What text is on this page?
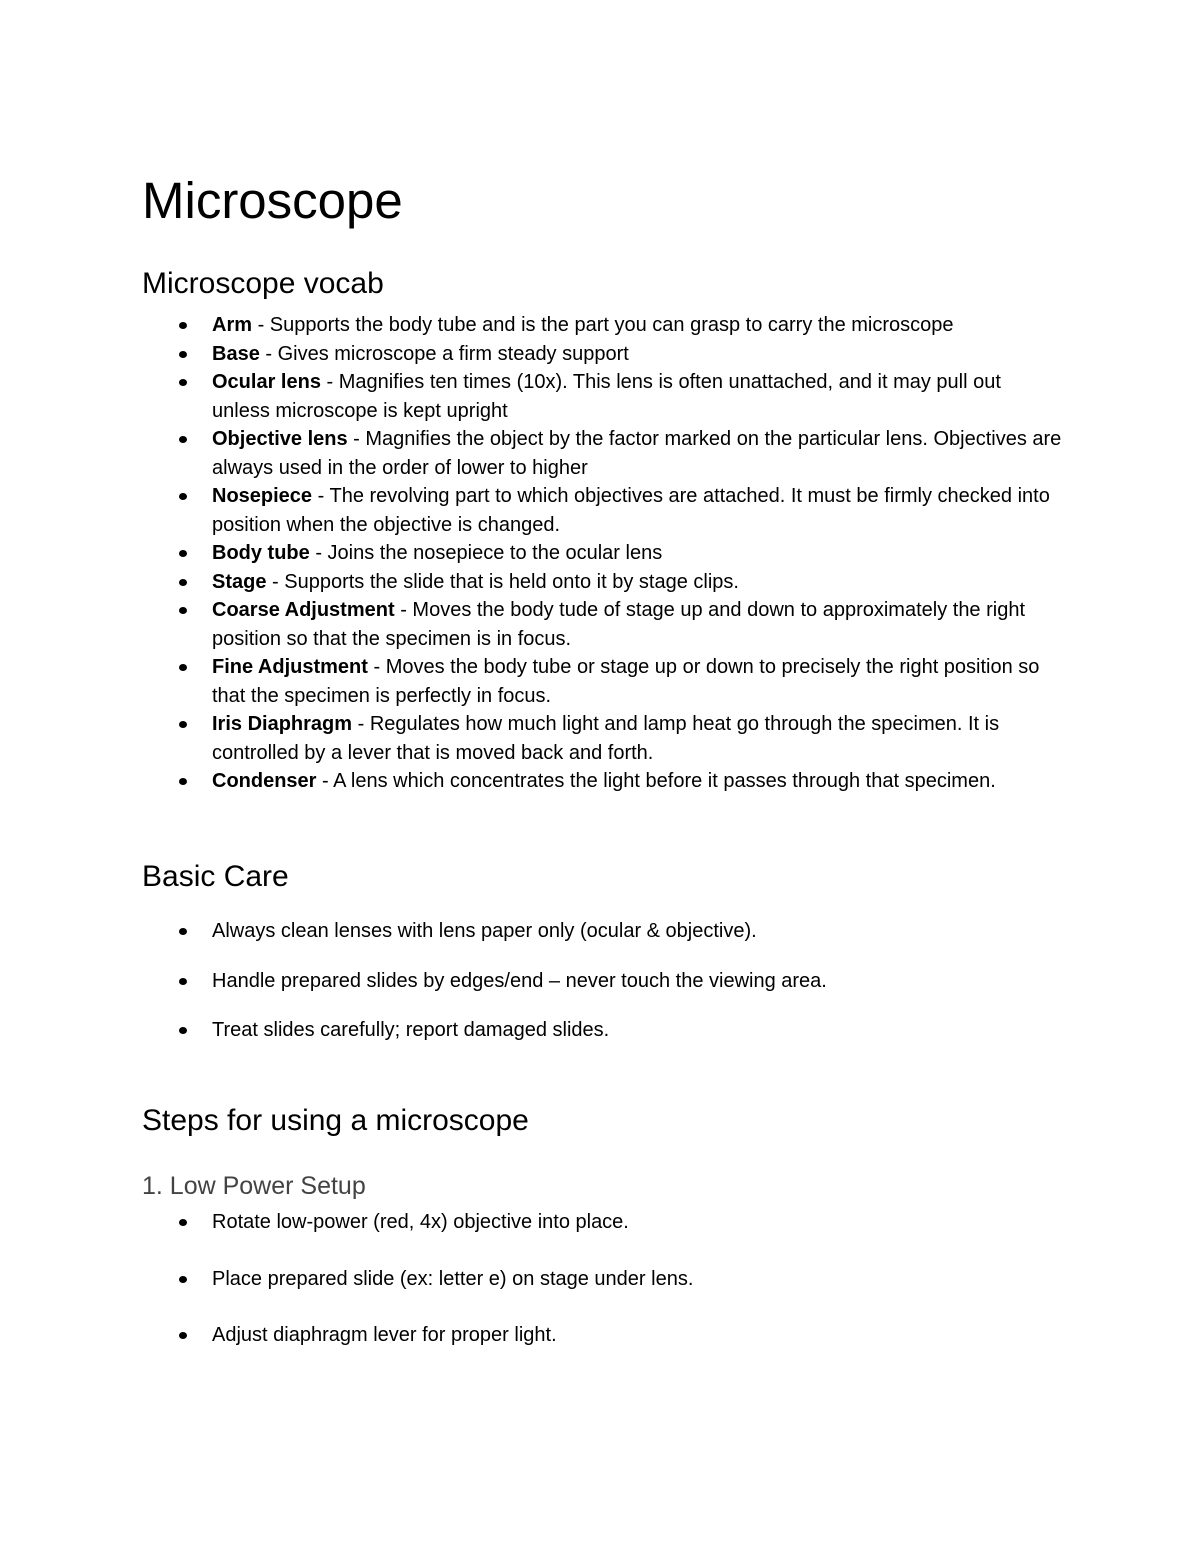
Microscope
Microscope vocab
Arm - Supports the body tube and is the part you can grasp to carry the microscope
Base - Gives microscope a firm steady support
Ocular lens - Magnifies ten times (10x). This lens is often unattached, and it may pull out unless microscope is kept upright
Objective lens - Magnifies the object by the factor marked on the particular lens. Objectives are always used in the order of lower to higher
Nosepiece - The revolving part to which objectives are attached. It must be firmly checked into position when the objective is changed.
Body tube - Joins the nosepiece to the ocular lens
Stage - Supports the slide that is held onto it by stage clips.
Coarse Adjustment - Moves the body tude of stage up and down to approximately the right position so that the specimen is in focus.
Fine Adjustment - Moves the body tube or stage up or down to precisely the right position so that the specimen is perfectly in focus.
Iris Diaphragm - Regulates how much light and lamp heat go through the specimen. It is controlled by a lever that is moved back and forth.
Condenser - A lens which concentrates the light before it passes through that specimen.
Basic Care
Always clean lenses with lens paper only (ocular & objective).
Handle prepared slides by edges/end – never touch the viewing area.
Treat slides carefully; report damaged slides.
Steps for using a microscope
1. Low Power Setup
Rotate low-power (red, 4x) objective into place.
Place prepared slide (ex: letter e) on stage under lens.
Adjust diaphragm lever for proper light.
